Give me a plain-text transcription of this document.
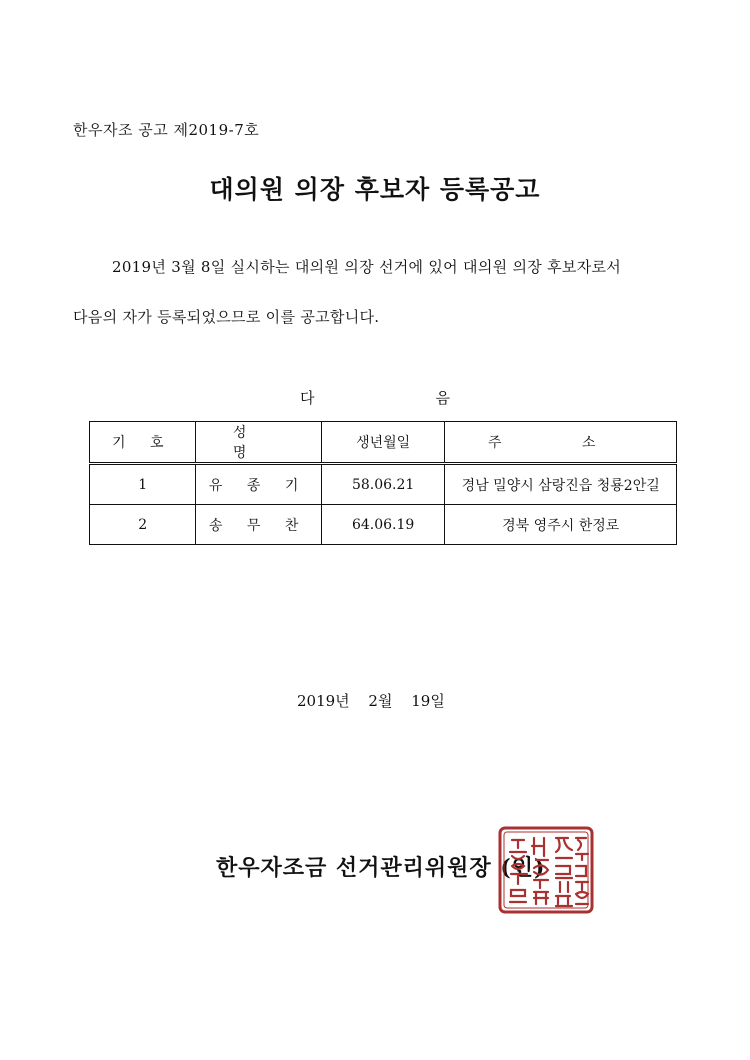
한우자조 공고 제2019-7호
대의원 의장 후보자 등록공고
2019년 3월 8일 실시하는 대의원 의장 선거에 있어 대의원 의장 후보자로서
다음의 자가 등록되었으므로 이를 공고합니다.
다	음
기 호	성 명	생년월일	주 소
1	유 종 기	58.06.21	경남 밀양시 삼랑진읍 청룡2안길
2	송 무 찬	64.06.19	경북 영주시 한정로
2019년 2월 19일
한우자조금 선거관리위원장 (인)
